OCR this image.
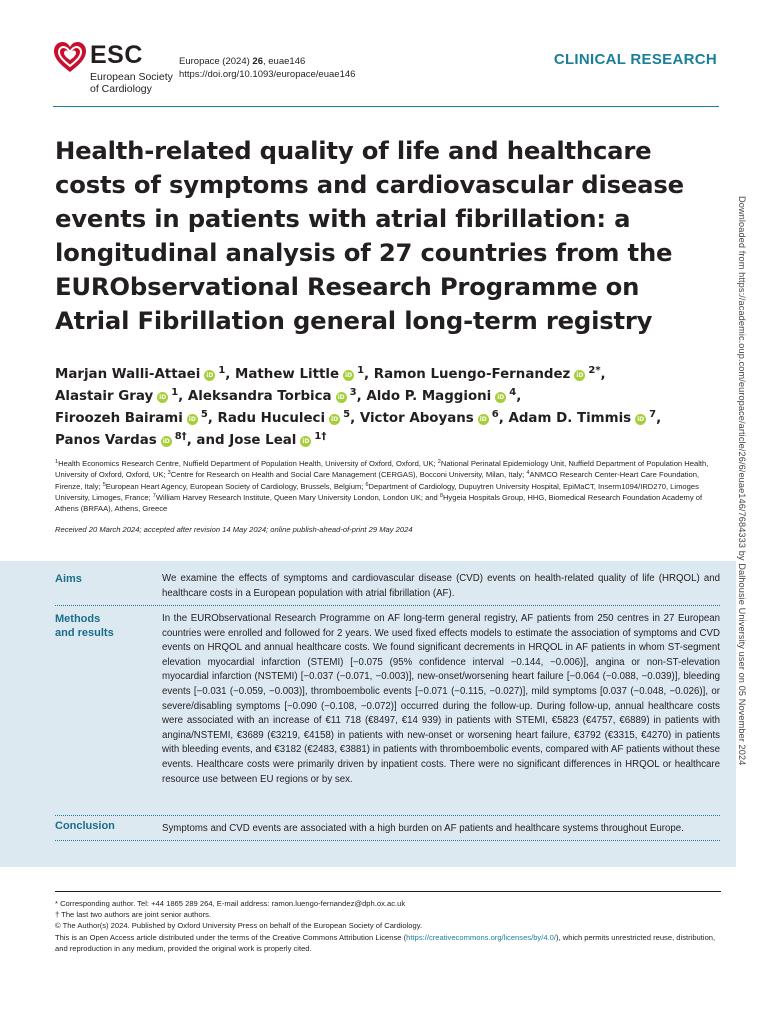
ESC
European Society
of Cardiology
Europace (2024) 26, euae146
https://doi.org/10.1093/europace/euae146
CLINICAL RESEARCH
Downloaded from https://academic.oup.com/europace/article/26/6/euae146/7684333 by Dalhousie University user on 05 November 2024
Health-related quality of life and healthcare costs of symptoms and cardiovascular disease events in patients with atrial fibrillation: a longitudinal analysis of 27 countries from the EURObservational Research Programme on Atrial Fibrillation general long-term registry
Marjan Walli-Attaei iD $^1$, Mathew Little iD $^1$, Ramon Luengo-Fernandez iD $^{2*}$,
Alastair Gray iD $^1$, Aleksandra Torbica iD $^3$, Aldo P. Maggioni iD $^4$,
Firoozeh Bairami iD $^5$, Radu Huculeci iD $^5$, Victor Aboyans iD $^6$, Adam D. Timmis iD $^7$,
Panos Vardas iD $^{8\dagger}$, and Jose Leal iD $^{1\dagger}$
$^1$Health Economics Research Centre, Nuffield Department of Population Health, University of Oxford, Oxford, UK; $^2$National Perinatal Epidemiology Unit, Nuffield Department of Population Health, University of Oxford, Oxford, UK; $^3$Centre for Research on Health and Social Care Management (CERGAS), Bocconi University, Milan, Italy; $^4$ANMCO Research Center-Heart Care Foundation, Firenze, Italy; $^5$European Heart Agency, European Society of Cardiology, Brussels, Belgium; $^6$Department of Cardiology, Dupuytren University Hospital, EpiMaCT, Inserm1094/IRD270, Limoges University, Limoges, France; $^7$William Harvey Research Institute, Queen Mary University London, London UK; and $^8$Hygeia Hospitals Group, HHG, Biomedical Research Foundation Academy of Athens (BRFAA), Athens, Greece
Received 20 March 2024; accepted after revision 14 May 2024; online publish-ahead-of-print 29 May 2024
Aims	We examine the effects of symptoms and cardiovascular disease (CVD) events on health-related quality of life (HRQOL) and healthcare costs in a European population with atrial fibrillation (AF).
Methods
and results
In the EURObservational Research Programme on AF long-term general registry, AF patients from 250 centres in 27 European countries were enrolled and followed for 2 years. We used fixed effects models to estimate the association of symptoms and CVD events on HRQOL and annual healthcare costs. We found significant decrements in HRQOL in AF patients in whom ST-segment elevation myocardial infarction (STEMI) [−0.075 (95% confidence interval −0.144, −0.006)], angina or non-ST-elevation myocardial infarction (NSTEMI) [−0.037 (−0.071, −0.003)], new-onset/worsening heart failure [−0.064 (−0.088, −0.039)], bleeding events [−0.031 (−0.059, −0.003)], thromboembolic events [−0.071 (−0.115, −0.027)], mild symptoms [0.037 (−0.048, −0.026)], or severe/disabling symptoms [−0.090 (−0.108, −0.072)] occurred during the follow-up. During follow-up, annual healthcare costs were associated with an increase of €11 718 (€8497, €14 939) in patients with STEMI, €5823 (€4757, €6889) in patients with angina/NSTEMI, €3689 (€3219, €4158) in patients with new-onset or worsening heart failure, €3792 (€3315, €4270) in patients with bleeding events, and €3182 (€2483, €3881) in patients with thromboembolic events, compared with AF patients without these events. Healthcare costs were primarily driven by inpatient costs. There were no significant differences in HRQOL or healthcare resource use between EU regions or by sex.
Conclusion	Symptoms and CVD events are associated with a high burden on AF patients and healthcare systems throughout Europe.
* Corresponding author. Tel: +44 1865 289 264, E-mail address: ramon.luengo-fernandez@dph.ox.ac.uk
† The last two authors are joint senior authors.
© The Author(s) 2024. Published by Oxford University Press on behalf of the European Society of Cardiology.
This is an Open Access article distributed under the terms of the Creative Commons Attribution License (https://creativecommons.org/licenses/by/4.0/), which permits unrestricted reuse, distribution, and reproduction in any medium, provided the original work is properly cited.
